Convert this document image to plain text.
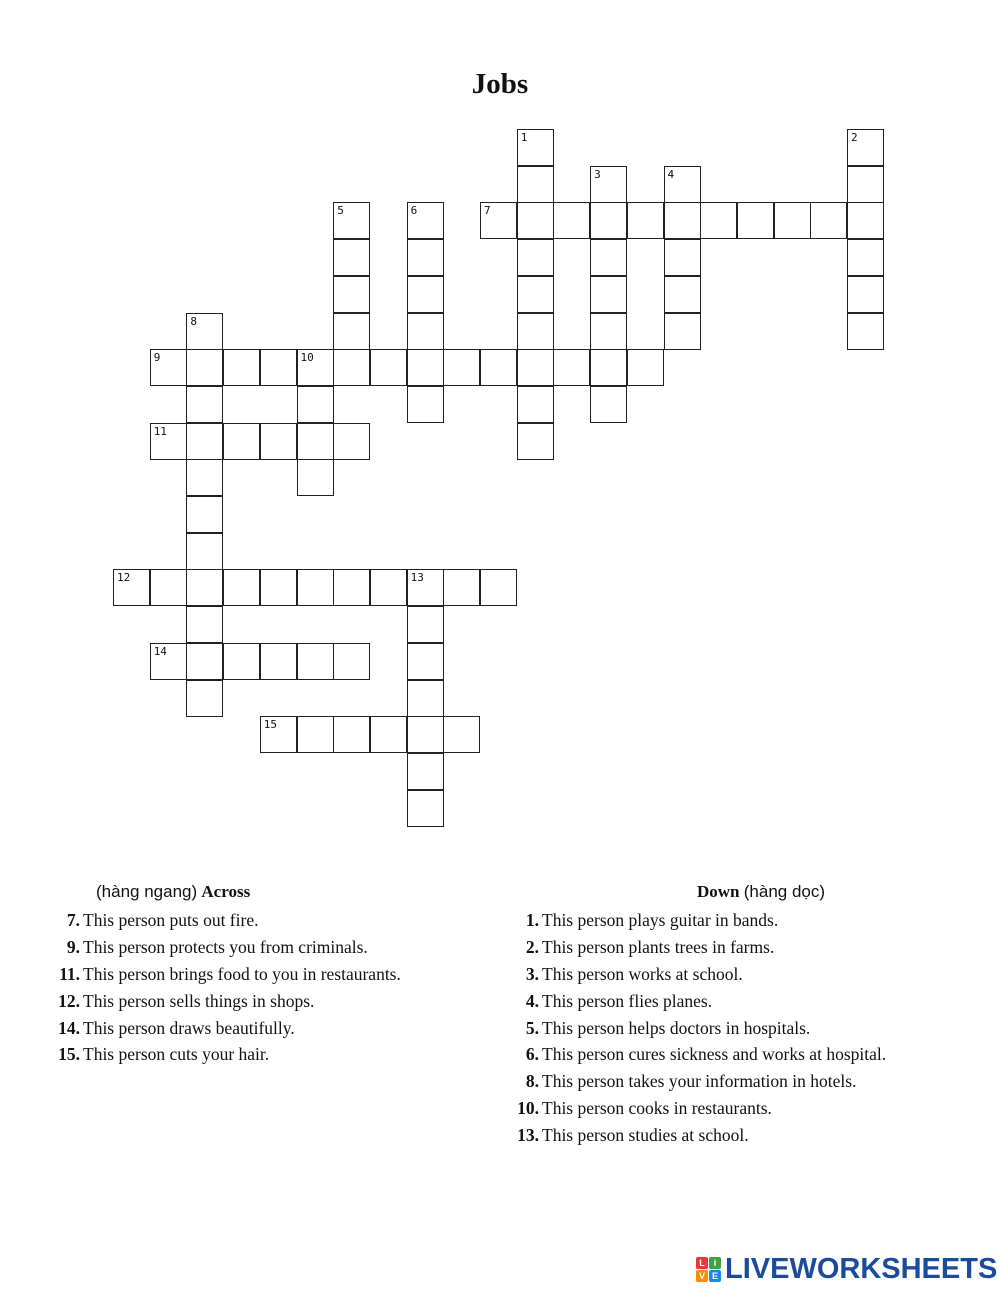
Jobs
1	2
3	4
5	6	7
8
9	10
11
12	13
14
15
(hàng ngang) Across	Down (hàng dọc)
7. This person puts out fire.
9. This person protects you from criminals.
11. This person brings food to you in restaurants.
12. This person sells things in shops.
14. This person draws beautifully.
15. This person cuts your hair.
1. This person plays guitar in bands.
2. This person plants trees in farms.
3. This person works at school.
4. This person flies planes.
5. This person helps doctors in hospitals.
6. This person cures sickness and works at hospital.
8. This person takes your information in hotels.
10. This person cooks in restaurants.
13. This person studies at school.
L i
V E LIVEWORKSHEETS
